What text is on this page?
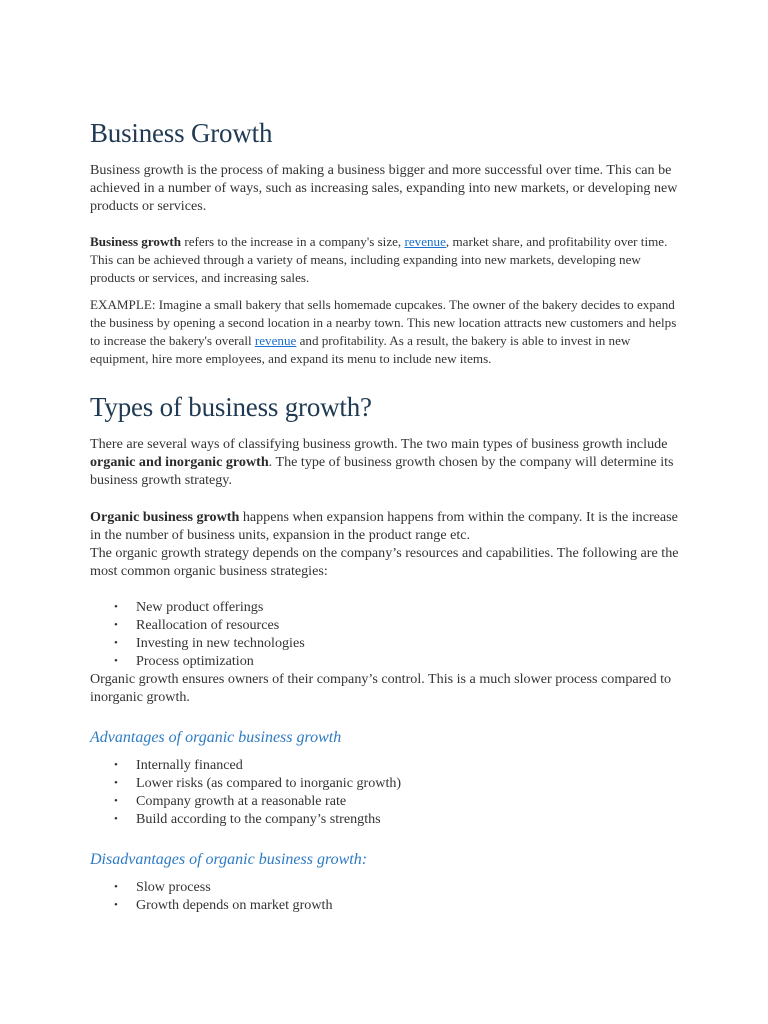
Business Growth

Business growth is the process of making a business bigger and more successful over time. This can be achieved in a number of ways, such as increasing sales, expanding into new markets, or developing new products or services.

Business growth refers to the increase in a company's size, revenue, market share, and profitability over time. This can be achieved through a variety of means, including expanding into new markets, developing new products or services, and increasing sales.

EXAMPLE: Imagine a small bakery that sells homemade cupcakes. The owner of the bakery decides to expand the business by opening a second location in a nearby town. This new location attracts new customers and helps to increase the bakery's overall revenue and profitability. As a result, the bakery is able to invest in new equipment, hire more employees, and expand its menu to include new items.

Types of business growth?

There are several ways of classifying business growth. The two main types of business growth include organic and inorganic growth. The type of business growth chosen by the company will determine its business growth strategy.

Organic business growth happens when expansion happens from within the company. It is the increase in the number of business units, expansion in the product range etc.

The organic growth strategy depends on the company’s resources and capabilities. The following are the most common organic business strategies:

• New product offerings
• Reallocation of resources
• Investing in new technologies
• Process optimization

Organic growth ensures owners of their company’s control. This is a much slower process compared to inorganic growth.

Advantages of organic business growth
• Internally financed
• Lower risks (as compared to inorganic growth)
• Company growth at a reasonable rate
• Build according to the company’s strengths
Disadvantages of organic business growth:
• Slow process
• Growth depends on market growth
